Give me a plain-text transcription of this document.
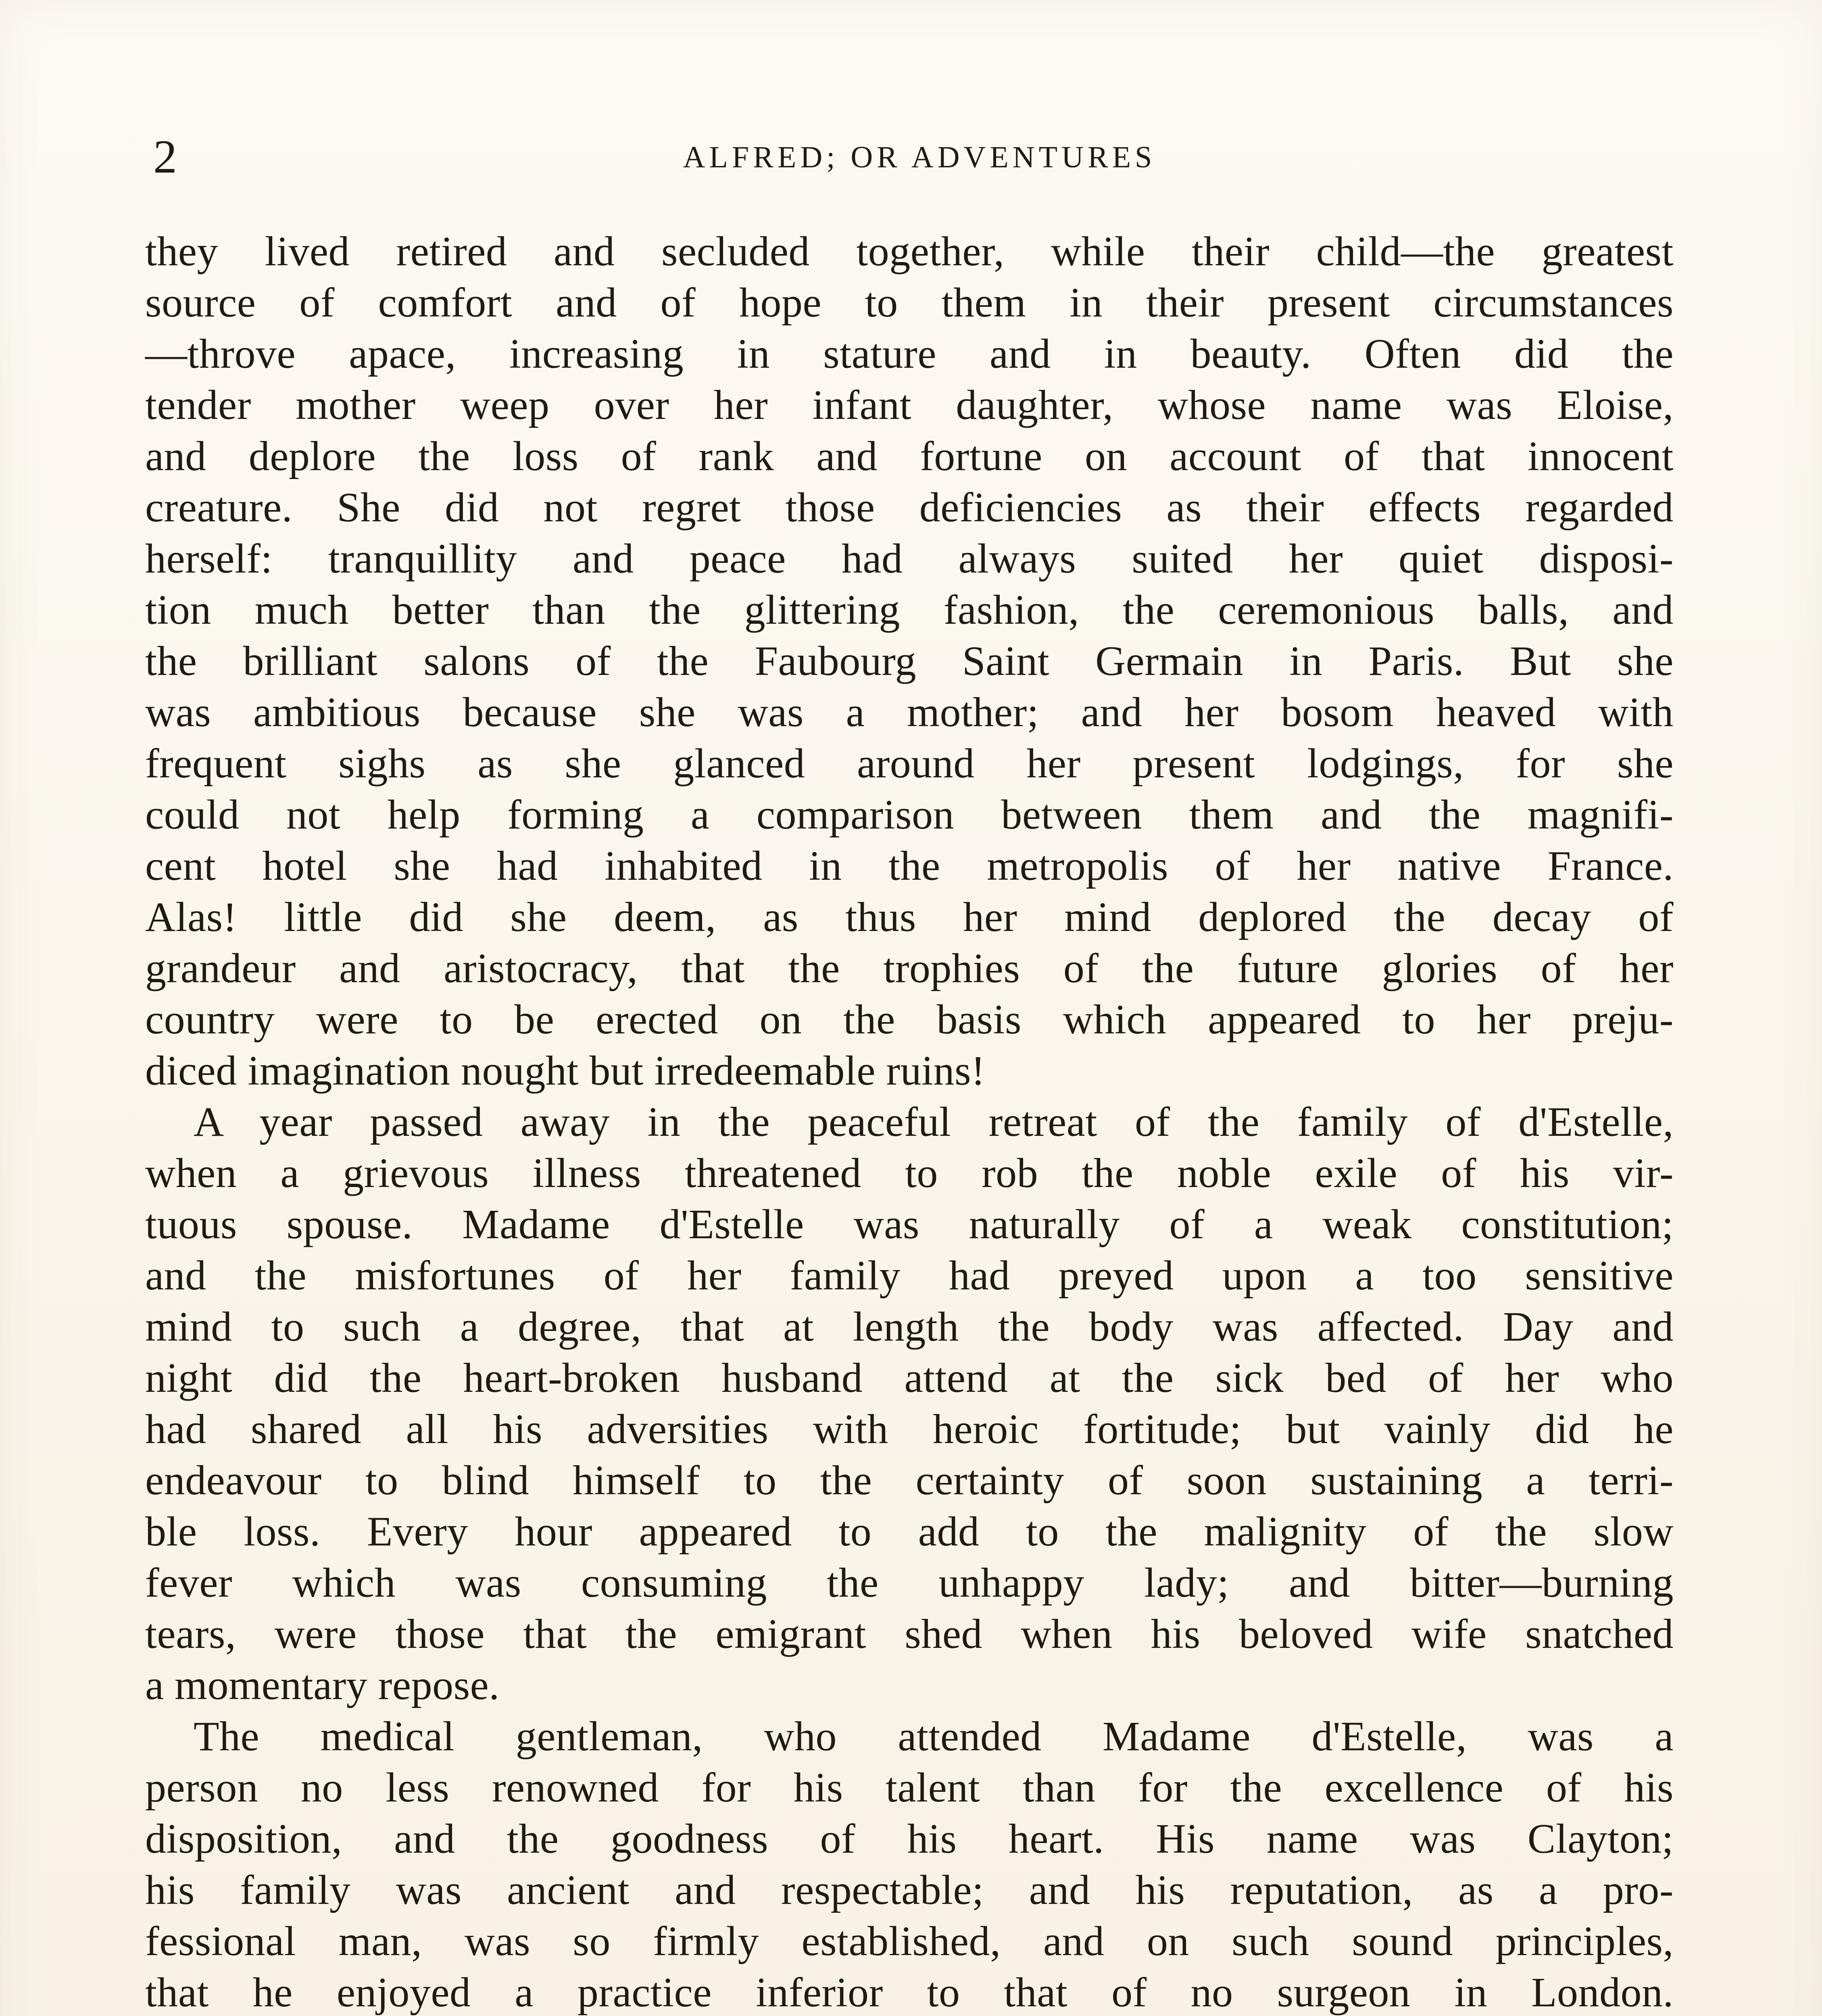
2	ALFRED; OR ADVENTURES
they lived retired and secluded together, while their child—the greatest
source of comfort and of hope to them in their present circumstances
—throve apace, increasing in stature and in beauty. Often did the
tender mother weep over her infant daughter, whose name was Eloise,
and deplore the loss of rank and fortune on account of that innocent
creature. She did not regret those deficiencies as their effects regarded
herself: tranquillity and peace had always suited her quiet disposi-
tion much better than the glittering fashion, the ceremonious balls, and
the brilliant salons of the Faubourg Saint Germain in Paris. But she
was ambitious because she was a mother; and her bosom heaved with
frequent sighs as she glanced around her present lodgings, for she
could not help forming a comparison between them and the magnifi-
cent hotel she had inhabited in the metropolis of her native France.
Alas! little did she deem, as thus her mind deplored the decay of
grandeur and aristocracy, that the trophies of the future glories of her
country were to be erected on the basis which appeared to her preju-
diced imagination nought but irredeemable ruins!
A year passed away in the peaceful retreat of the family of d'Estelle,
when a grievous illness threatened to rob the noble exile of his vir-
tuous spouse. Madame d'Estelle was naturally of a weak constitution;
and the misfortunes of her family had preyed upon a too sensitive
mind to such a degree, that at length the body was affected. Day and
night did the heart-broken husband attend at the sick bed of her who
had shared all his adversities with heroic fortitude; but vainly did he
endeavour to blind himself to the certainty of soon sustaining a terri-
ble loss. Every hour appeared to add to the malignity of the slow
fever which was consuming the unhappy lady; and bitter—burning
tears, were those that the emigrant shed when his beloved wife snatched
a momentary repose.
The medical gentleman, who attended Madame d'Estelle, was a
person no less renowned for his talent than for the excellence of his
disposition, and the goodness of his heart. His name was Clayton;
his family was ancient and respectable; and his reputation, as a pro-
fessional man, was so firmly established, and on such sound principles,
that he enjoyed a practice inferior to that of no surgeon in London.
